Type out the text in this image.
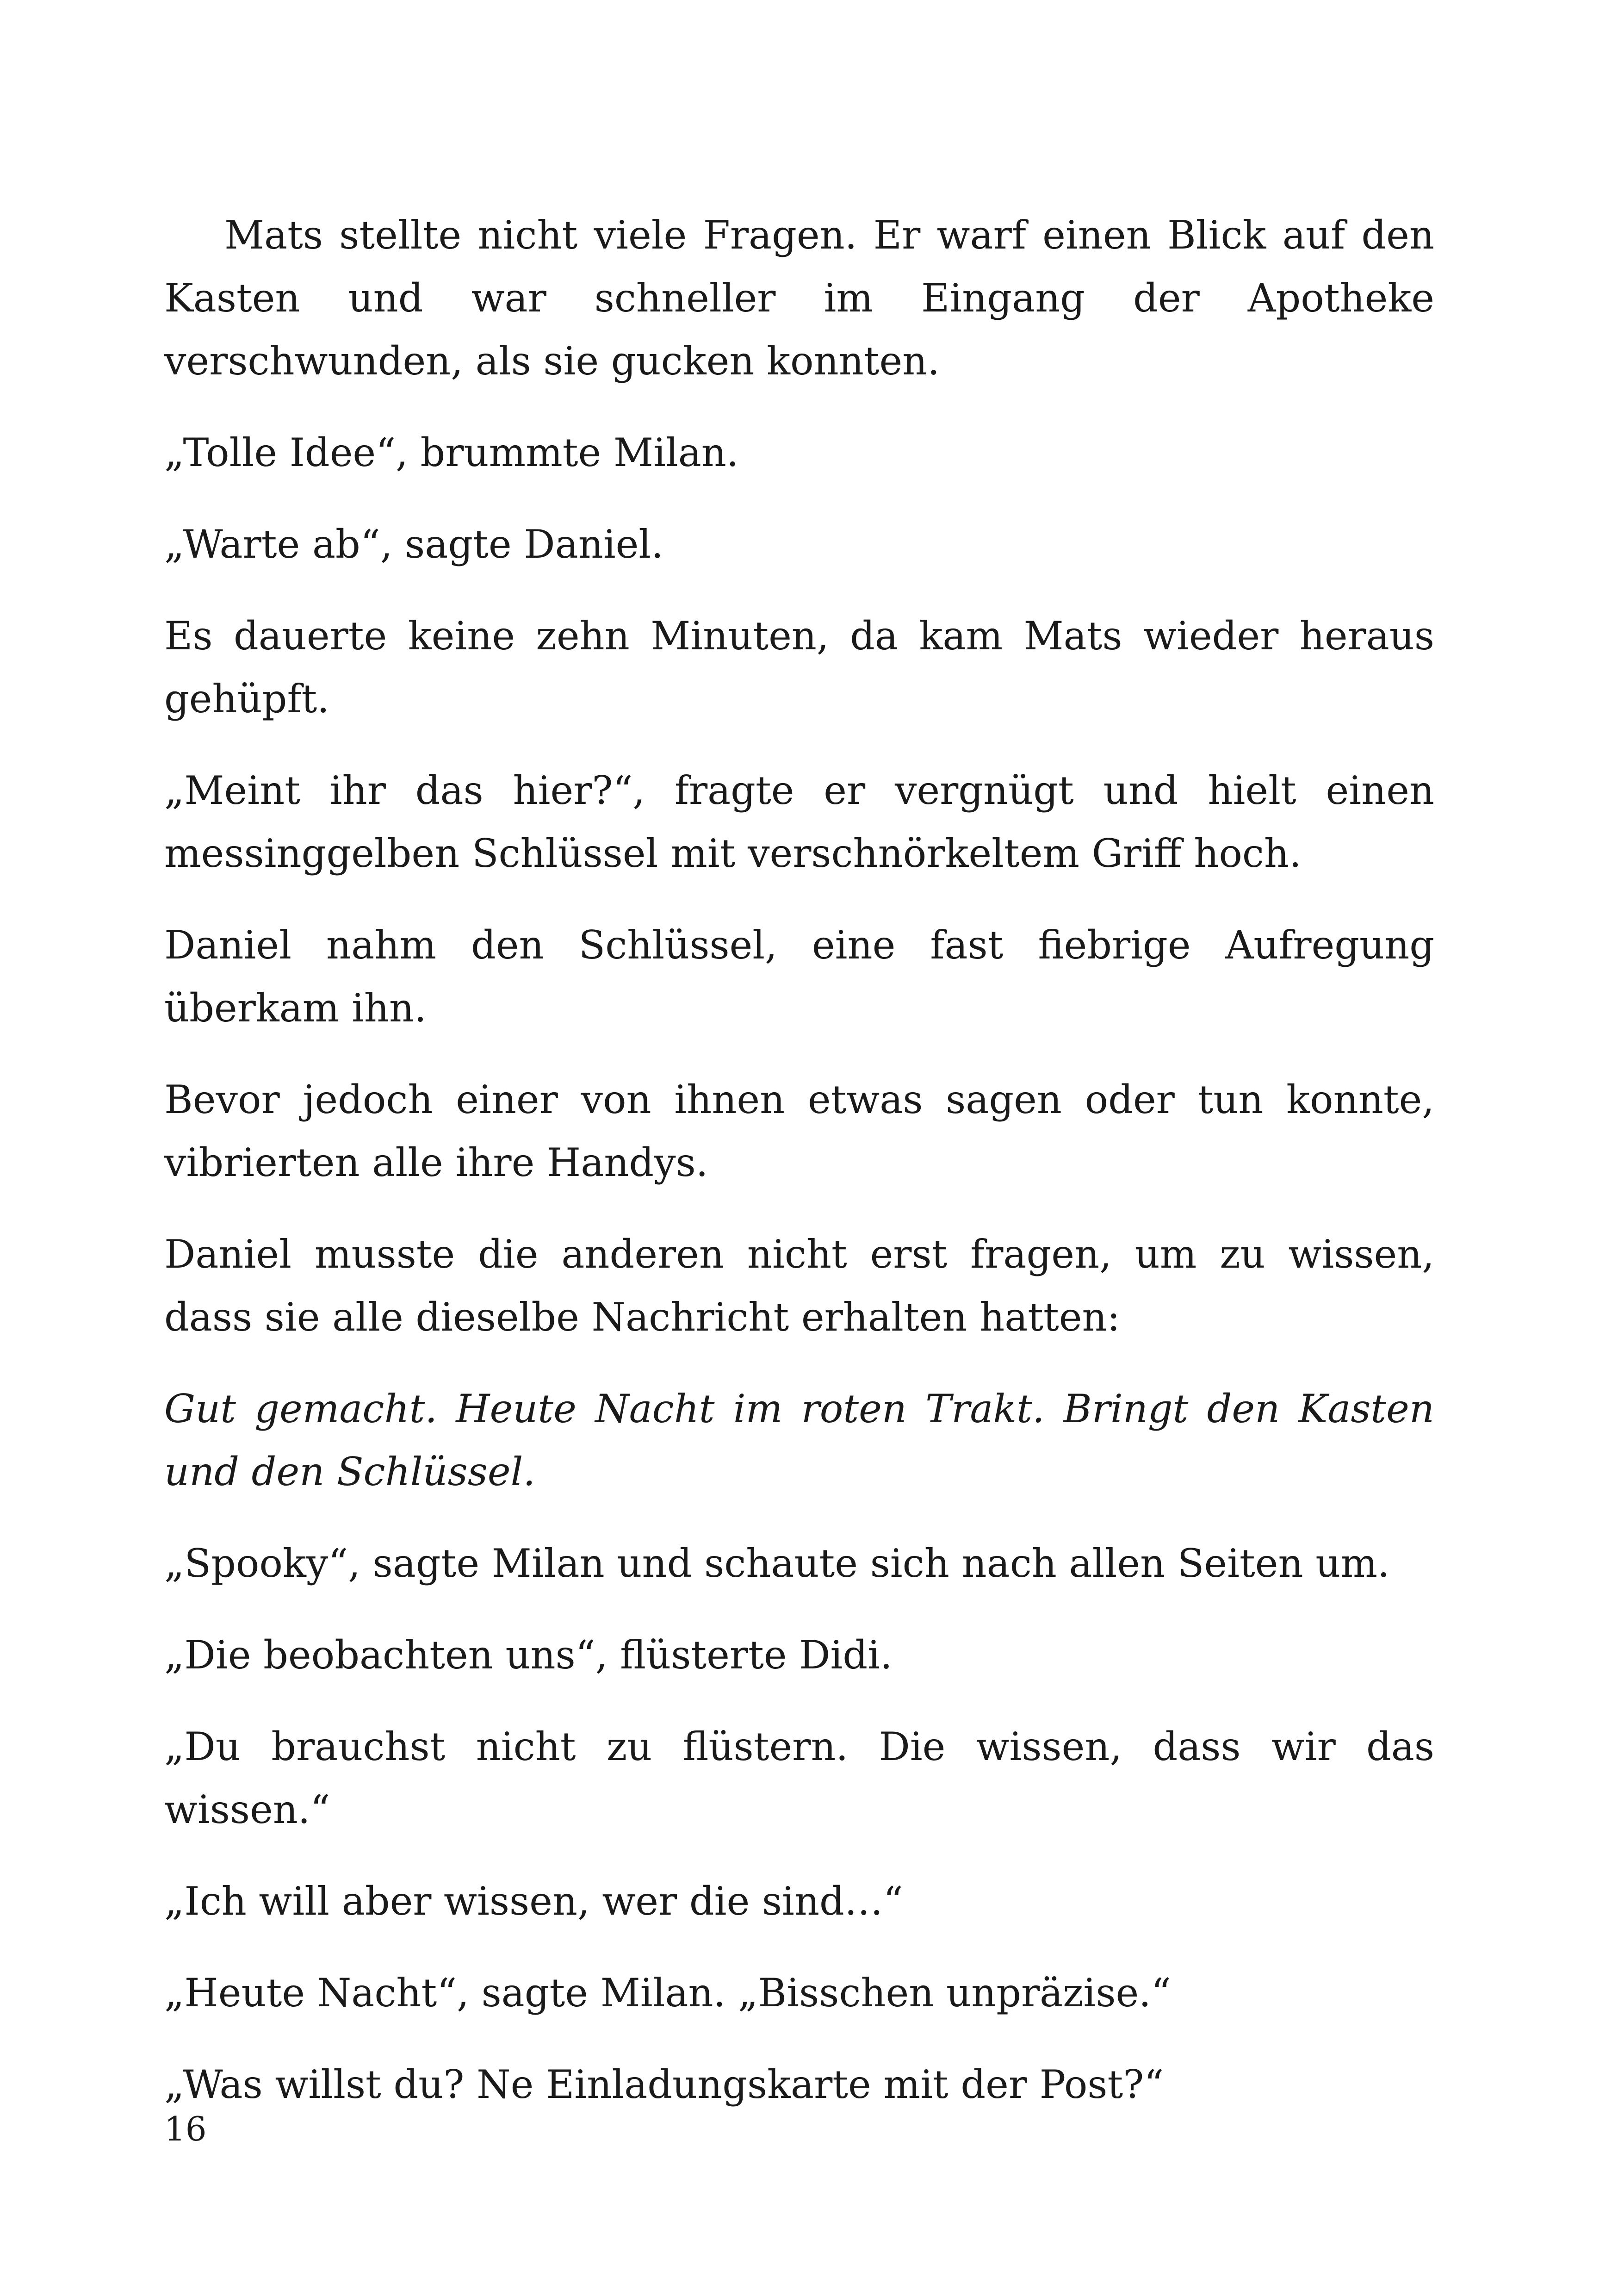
Mats stellte nicht viele Fragen. Er warf einen Blick auf den Kasten und war schneller im Eingang der Apotheke verschwunden, als sie gucken konnten.

„Tolle Idee“, brummte Milan.

„Warte ab“, sagte Daniel.

Es dauerte keine zehn Minuten, da kam Mats wieder heraus gehüpft.

„Meint ihr das hier?“, fragte er vergnügt und hielt einen messinggelben Schlüssel mit verschnörkeltem Griff hoch.

Daniel nahm den Schlüssel, eine fast fiebrige Aufregung überkam ihn.

Bevor jedoch einer von ihnen etwas sagen oder tun konnte, vibrierten alle ihre Handys.

Daniel musste die anderen nicht erst fragen, um zu wissen, dass sie alle dieselbe Nachricht erhalten hatten:

Gut gemacht. Heute Nacht im roten Trakt. Bringt den Kasten und den Schlüssel.

„Spooky“, sagte Milan und schaute sich nach allen Seiten um.

„Die beobachten uns“, flüsterte Didi.

„Du brauchst nicht zu flüstern. Die wissen, dass wir das wissen.“

„Ich will aber wissen, wer die sind…“

„Heute Nacht“, sagte Milan. „Bisschen unpräzise.“

„Was willst du? Ne Einladungskarte mit der Post?“

16
